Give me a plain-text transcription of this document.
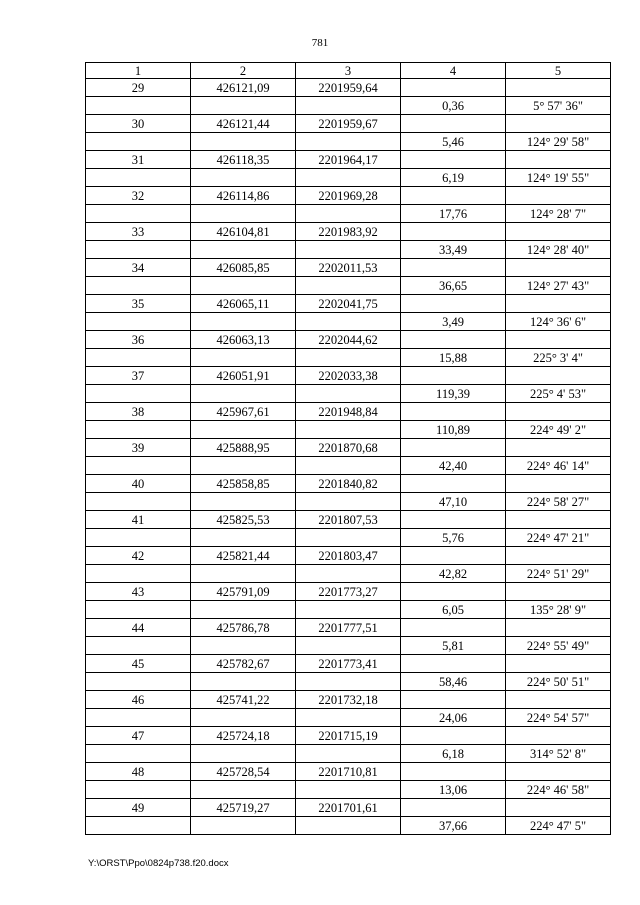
781
1	2	3	4	5
29	426121,09	2201959,64		
			0,36	5° 57' 36"
30	426121,44	2201959,67		
			5,46	124° 29' 58"
31	426118,35	2201964,17		
			6,19	124° 19' 55"
32	426114,86	2201969,28		
			17,76	124° 28' 7"
33	426104,81	2201983,92		
			33,49	124° 28' 40"
34	426085,85	2202011,53		
			36,65	124° 27' 43"
35	426065,11	2202041,75		
			3,49	124° 36' 6"
36	426063,13	2202044,62		
			15,88	225° 3' 4"
37	426051,91	2202033,38		
			119,39	225° 4' 53"
38	425967,61	2201948,84		
			110,89	224° 49' 2"
39	425888,95	2201870,68		
			42,40	224° 46' 14"
40	425858,85	2201840,82		
			47,10	224° 58' 27"
41	425825,53	2201807,53		
			5,76	224° 47' 21"
42	425821,44	2201803,47		
			42,82	224° 51' 29"
43	425791,09	2201773,27		
			6,05	135° 28' 9"
44	425786,78	2201777,51		
			5,81	224° 55' 49"
45	425782,67	2201773,41		
			58,46	224° 50' 51"
46	425741,22	2201732,18		
			24,06	224° 54' 57"
47	425724,18	2201715,19		
			6,18	314° 52' 8"
48	425728,54	2201710,81		
			13,06	224° 46' 58"
49	425719,27	2201701,61		
			37,66	224° 47' 5"
Y:\ORST\Ppo\0824p738.f20.docx
